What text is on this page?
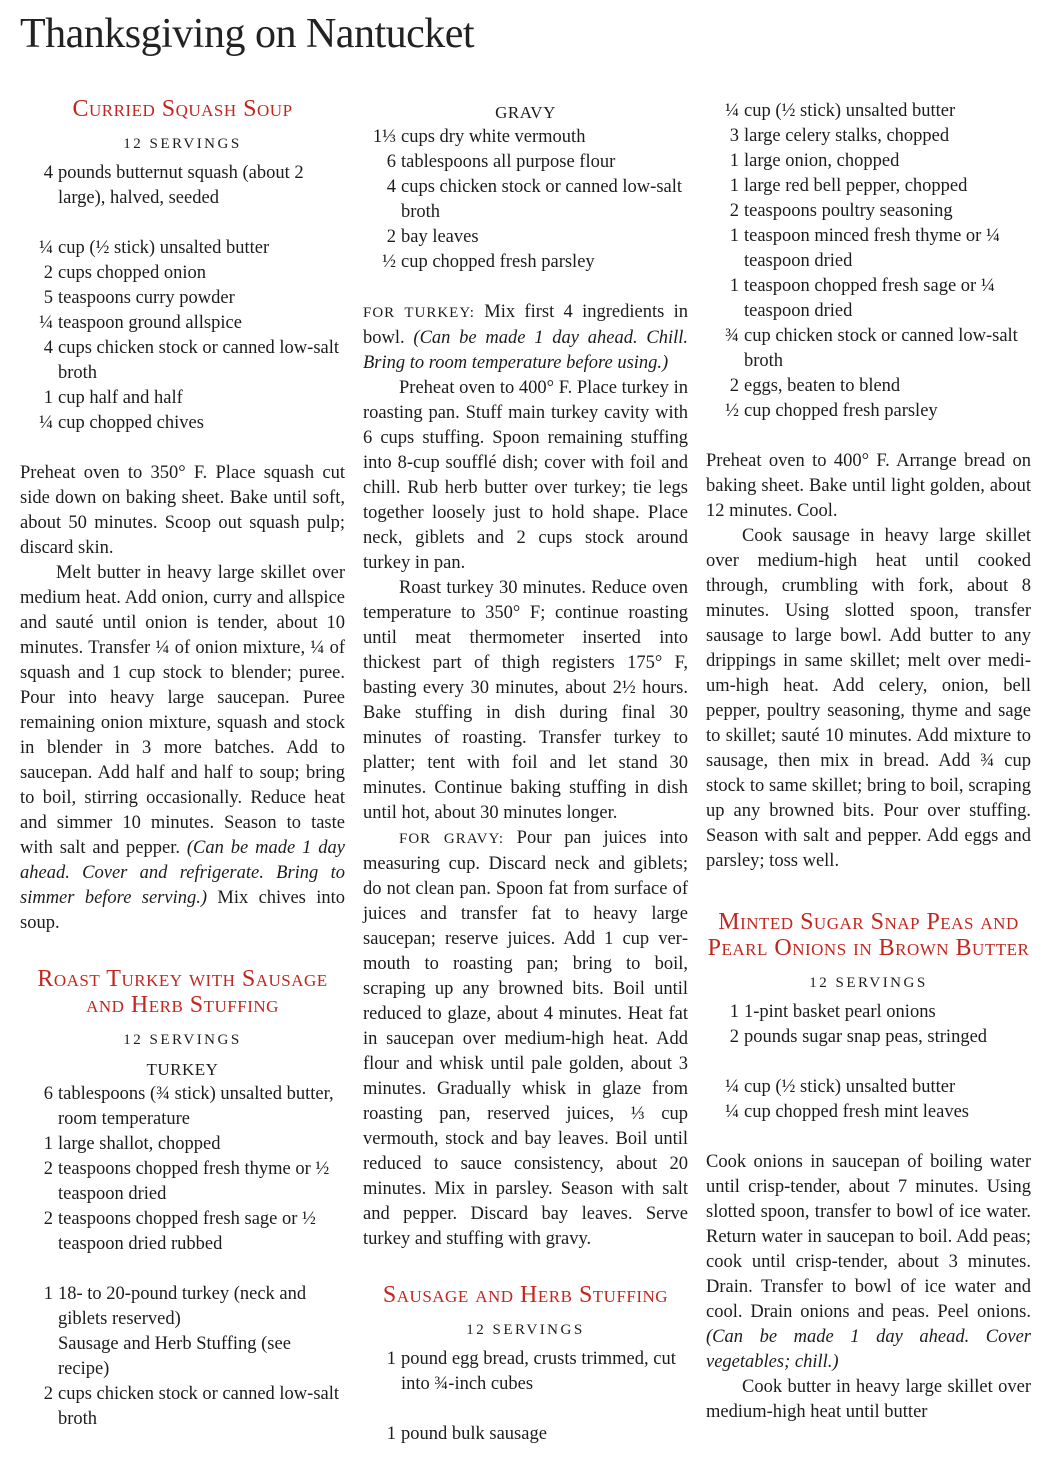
Thanksgiving on Nantucket
Curried Squash Soup
12 SERVINGS
4 pounds butternut squash (about 2 large), halved, seeded
¼ cup (½ stick) unsalted butter
2 cups chopped onion
5 teaspoons curry powder
¼ teaspoon ground allspice
4 cups chicken stock or canned low-salt broth
1 cup half and half
¼ cup chopped chives

Preheat oven to 350° F. Place squash cut side down on baking sheet. Bake until soft, about 50 minutes. Scoop out squash pulp; discard skin.

Melt butter in heavy large skillet over medium heat. Add onion, curry and allspice and sauté until onion is tender, about 10 minutes. Transfer ¼ of onion mixture, ¼ of squash and 1 cup stock to blender; puree. Pour into heavy large saucepan. Puree remaining onion mixture, squash and stock in blender in 3 more batches. Add to saucepan. Add half and half to soup; bring to boil, stirring occasionally. Reduce heat and simmer 10 minutes. Season to taste with salt and pepper. (Can be made 1 day ahead. Cover and refrigerate. Bring to simmer before serving.) Mix chives into soup.

Roast Turkey with Sausage and Herb Stuffing
12 SERVINGS
TURKEY
6 tablespoons (¾ stick) unsalted butter, room temperature
1 large shallot, chopped
2 teaspoons chopped fresh thyme or ½ teaspoon dried
2 teaspoons chopped fresh sage or ½ teaspoon dried rubbed
1 18- to 20-pound turkey (neck and giblets reserved)
Sausage and Herb Stuffing (see recipe)
2 cups chicken stock or canned low-salt broth
GRAVY
1⅓ cups dry white vermouth
6 tablespoons all purpose flour
4 cups chicken stock or canned low-salt broth
2 bay leaves
½ cup chopped fresh parsley

FOR TURKEY: Mix first 4 ingredients in bowl. (Can be made 1 day ahead. Chill. Bring to room temperature before using.)

Preheat oven to 400° F. Place turkey in roasting pan. Stuff main turkey cavity with 6 cups stuffing. Spoon remaining stuffing into 8-cup soufflé dish; cover with foil and chill. Rub herb butter over turkey; tie legs together loosely just to hold shape. Place neck, giblets and 2 cups stock around turkey in pan.

Roast turkey 30 minutes. Reduce oven temperature to 350° F; continue roasting until meat thermometer inserted into thickest part of thigh registers 175° F, basting every 30 minutes, about 2½ hours. Bake stuffing in dish during final 30 minutes of roasting. Transfer turkey to platter; tent with foil and let stand 30 minutes. Continue baking stuffing in dish until hot, about 30 minutes longer.

FOR GRAVY: Pour pan juices into measuring cup. Discard neck and giblets; do not clean pan. Spoon fat from surface of juices and transfer fat to heavy large saucepan; reserve juices. Add 1 cup vermouth to roasting pan; bring to boil, scraping up any browned bits. Boil until reduced to glaze, about 4 minutes. Heat fat in saucepan over medium-high heat. Add flour and whisk until pale golden, about 3 minutes. Gradually whisk in glaze from roasting pan, reserved juices, ⅓ cup vermouth, stock and bay leaves. Boil until reduced to sauce consistency, about 20 minutes. Mix in parsley. Season with salt and pepper. Discard bay leaves. Serve turkey and stuffing with gravy.

Sausage and Herb Stuffing
12 SERVINGS
1 pound egg bread, crusts trimmed, cut into ¾-inch cubes
1 pound bulk sausage
¼ cup (½ stick) unsalted butter
3 large celery stalks, chopped
1 large onion, chopped
1 large red bell pepper, chopped
2 teaspoons poultry seasoning
1 teaspoon minced fresh thyme or ¼ teaspoon dried
1 teaspoon chopped fresh sage or ¼ teaspoon dried
¾ cup chicken stock or canned low-salt broth
2 eggs, beaten to blend
½ cup chopped fresh parsley

Preheat oven to 400° F. Arrange bread on baking sheet. Bake until light golden, about 12 minutes. Cool.

Cook sausage in heavy large skillet over medium-high heat until cooked through, crumbling with fork, about 8 minutes. Using slotted spoon, transfer sausage to large bowl. Add butter to any drippings in same skillet; melt over medium-high heat. Add celery, onion, bell pepper, poultry seasoning, thyme and sage to skillet; sauté 10 minutes. Add mixture to sausage, then mix in bread. Add ¾ cup stock to same skillet; bring to boil, scraping up any browned bits. Pour over stuffing. Season with salt and pepper. Add eggs and parsley; toss well.

Minted Sugar Snap Peas and Pearl Onions in Brown Butter
12 SERVINGS
1 1-pint basket pearl onions
2 pounds sugar snap peas, stringed
¼ cup (½ stick) unsalted butter
¼ cup chopped fresh mint leaves

Cook onions in saucepan of boiling water until crisp-tender, about 7 minutes. Using slotted spoon, transfer to bowl of ice water. Return water in saucepan to boil. Add peas; cook until crisp-tender, about 3 minutes. Drain. Transfer to bowl of ice water and cool. Drain onions and peas. Peel onions. (Can be made 1 day ahead. Cover vegetables; chill.)

Cook butter in heavy large skillet over medium-high heat until butter
